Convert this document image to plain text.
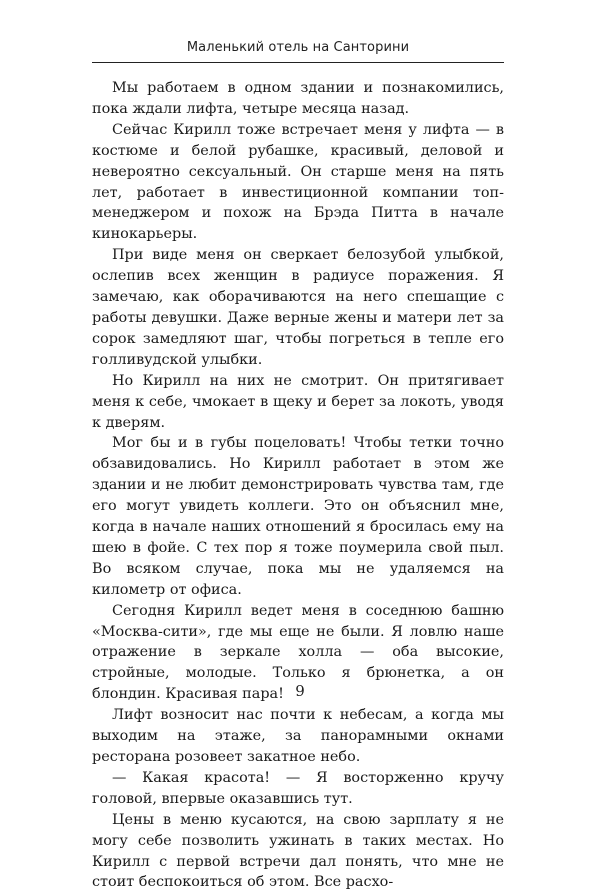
Маленький отель на Санторини

Мы работаем в одном здании и познакомились, пока ждали лифта, четыре месяца назад.

Сейчас Кирилл тоже встречает меня у лифта — в костюме и белой рубашке, красивый, деловой и невероятно сексуальный. Он старше меня на пять лет, работает в инвестиционной компании топ-менеджером и похож на Брэда Питта в начале кинокарьеры.

При виде меня он сверкает белозубой улыбкой, ослепив всех женщин в радиусе поражения. Я замечаю, как оборачиваются на него спешащие с работы девушки. Даже верные жены и матери лет за сорок замедляют шаг, чтобы погреться в тепле его голливудской улыбки.

Но Кирилл на них не смотрит. Он притягивает меня к себе, чмокает в щеку и берет за локоть, уводя к дверям.

Мог бы и в губы поцеловать! Чтобы тетки точно обзавидовались. Но Кирилл работает в этом же здании и не любит демонстрировать чувства там, где его могут увидеть коллеги. Это он объяснил мне, когда в начале наших отношений я бросилась ему на шею в фойе. С тех пор я тоже поумерила свой пыл. Во всяком случае, пока мы не удаляемся на километр от офиса.

Сегодня Кирилл ведет меня в соседнюю башню «Москва-сити», где мы еще не были. Я ловлю наше отражение в зеркале холла — оба высокие, стройные, молодые. Только я брюнетка, а он блондин. Красивая пара!

Лифт возносит нас почти к небесам, а когда мы выходим на этаже, за панорамными окнами ресторана розовеет закатное небо.

— Какая красота! — Я восторженно кручу головой, впервые оказавшись тут.

Цены в меню кусаются, на свою зарплату я не могу себе позволить ужинать в таких местах. Но Кирилл с первой встречи дал понять, что мне не стоит беспокоиться об этом. Все расхо-

9
